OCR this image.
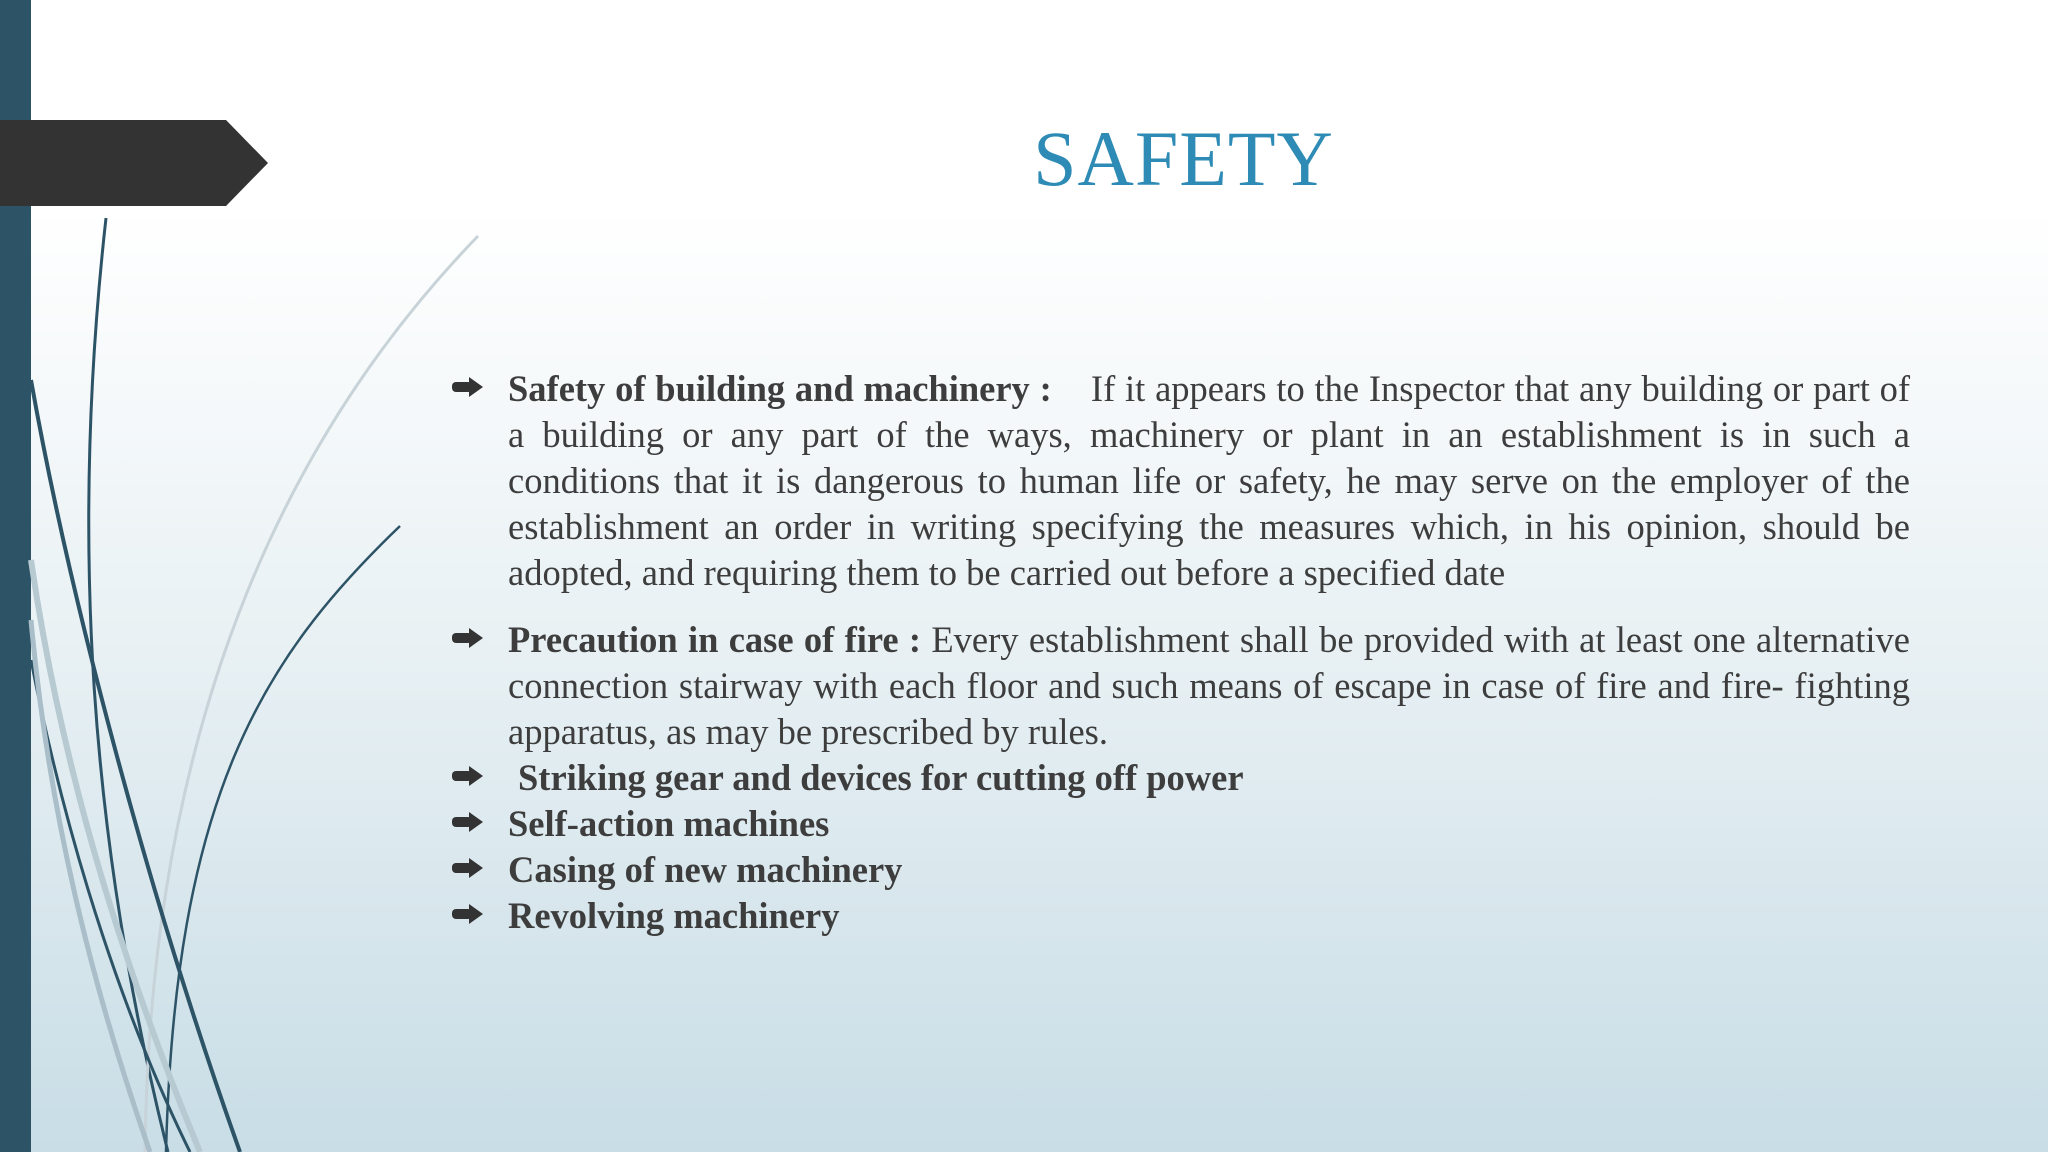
SAFETY
Safety of building and machinery : If it appears to the Inspector that any building or part of a building or any part of the ways, machinery or plant in an establishment is in such a conditions that it is dangerous to human life or safety, he may serve on the employer of the establishment an order in writing specifying the measures which, in his opinion, should be adopted, and requiring them to be carried out before a specified date
Precaution in case of fire : Every establishment shall be provided with at least one alternative connection stairway with each floor and such means of escape in case of fire and fire- fighting apparatus, as may be prescribed by rules.
Striking gear and devices for cutting off power
Self-action machines
Casing of new machinery
Revolving machinery
